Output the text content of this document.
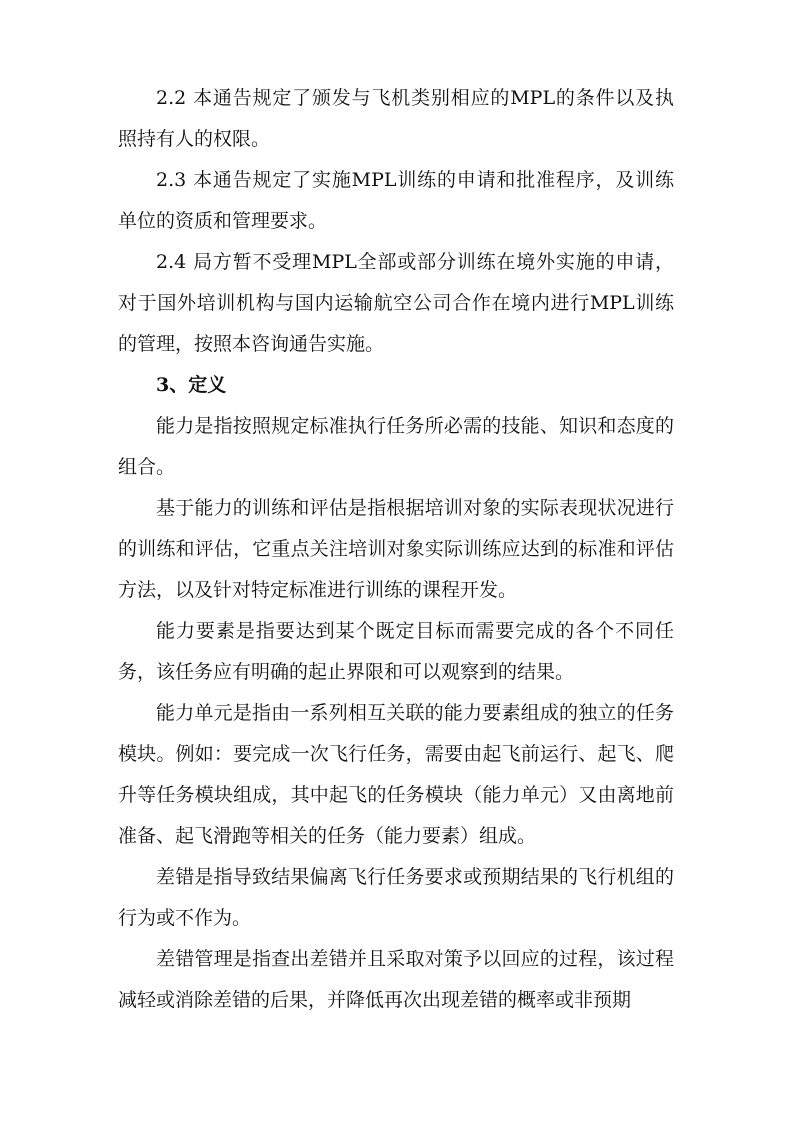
2.2 本通告规定了颁发与飞机类别相应的MPL的条件以及执照持有人的权限。

2.3 本通告规定了实施MPL训练的申请和批准程序，及训练单位的资质和管理要求。

2.4 局方暂不受理MPL全部或部分训练在境外实施的申请，对于国外培训机构与国内运输航空公司合作在境内进行MPL训练的管理，按照本咨询通告实施。

3、定义

能力是指按照规定标准执行任务所必需的技能、知识和态度的组合。

基于能力的训练和评估是指根据培训对象的实际表现状况进行的训练和评估，它重点关注培训对象实际训练应达到的标准和评估方法，以及针对特定标准进行训练的课程开发。

能力要素是指要达到某个既定目标而需要完成的各个不同任务，该任务应有明确的起止界限和可以观察到的结果。

能力单元是指由一系列相互关联的能力要素组成的独立的任务模块。例如：要完成一次飞行任务，需要由起飞前运行、起飞、爬升等任务模块组成，其中起飞的任务模块（能力单元）又由离地前准备、起飞滑跑等相关的任务（能力要素）组成。

差错是指导致结果偏离飞行任务要求或预期结果的飞行机组的行为或不作为。

差错管理是指查出差错并且采取对策予以回应的过程，该过程减轻或消除差错的后果，并降低再次出现差错的概率或非预期
